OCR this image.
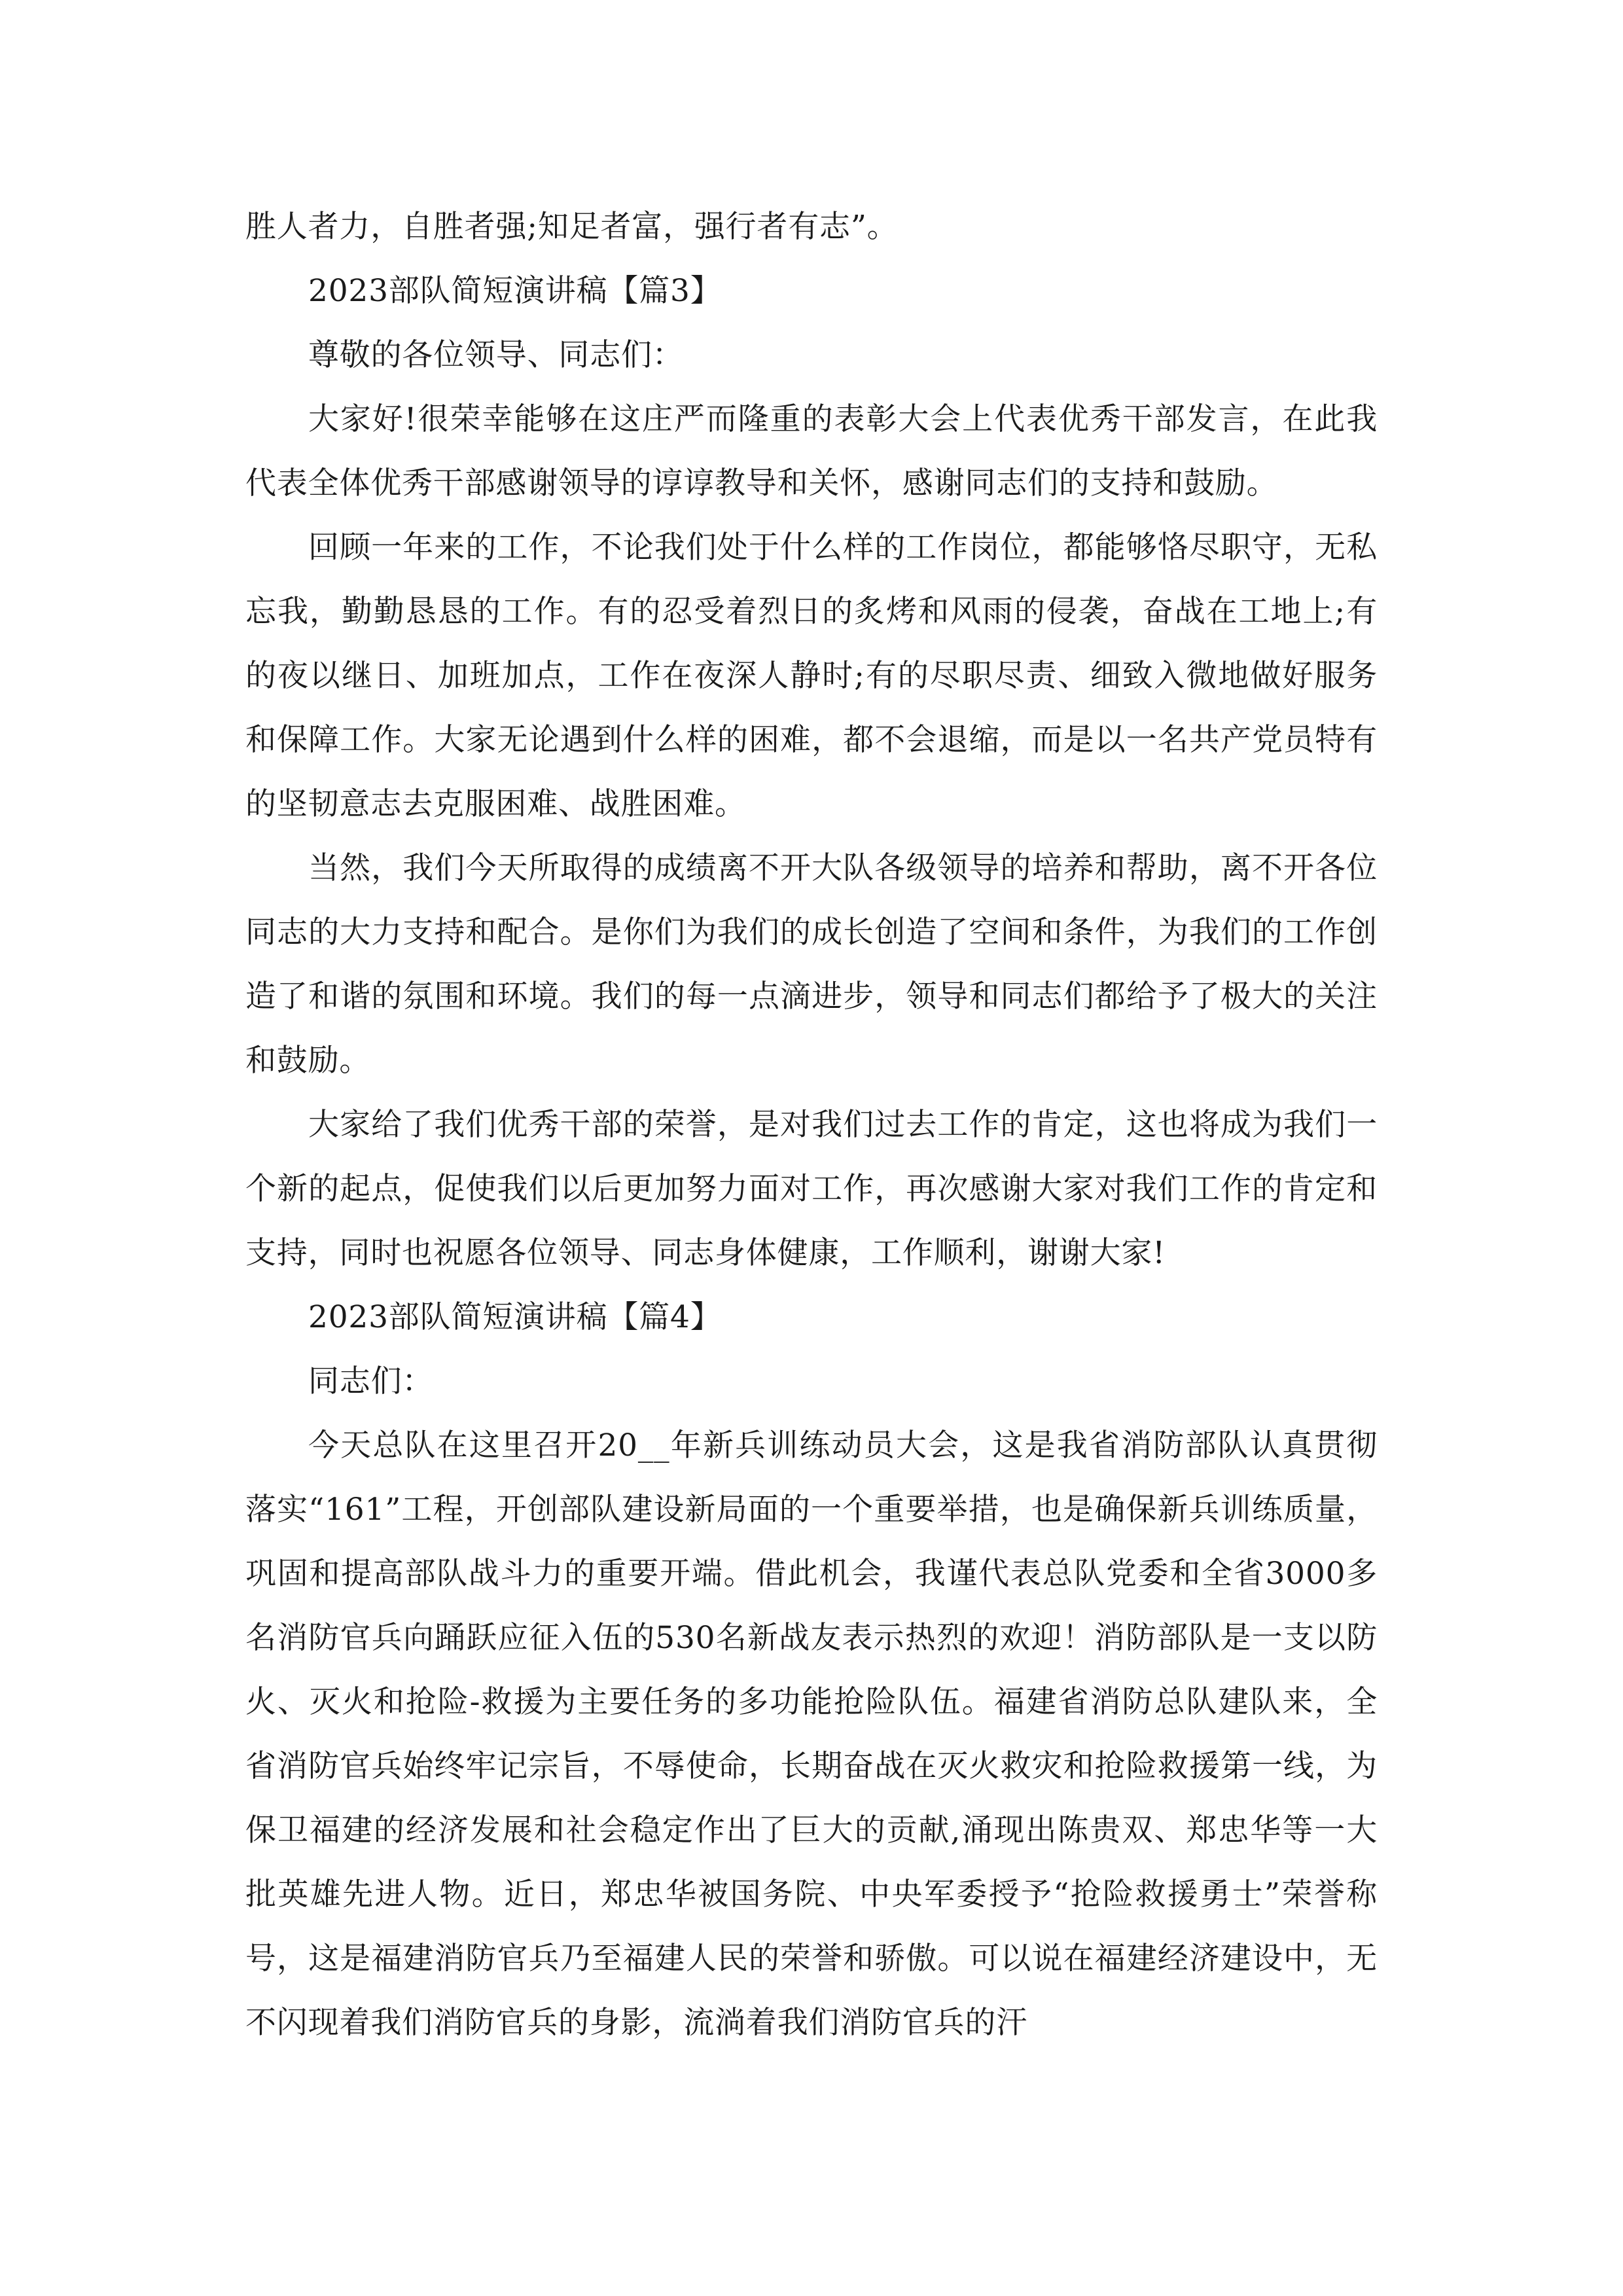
胜人者力，自胜者强;知足者富，强行者有志”。

2023部队简短演讲稿【篇3】

尊敬的各位领导、同志们：

大家好!很荣幸能够在这庄严而隆重的表彰大会上代表优秀干部发言，在此我代表全体优秀干部感谢领导的谆谆教导和关怀，感谢同志们的支持和鼓励。

回顾一年来的工作，不论我们处于什么样的工作岗位，都能够恪尽职守，无私忘我，勤勤恳恳的工作。有的忍受着烈日的炙烤和风雨的侵袭，奋战在工地上;有的夜以继日、加班加点，工作在夜深人静时;有的尽职尽责、细致入微地做好服务和保障工作。大家无论遇到什么样的困难，都不会退缩，而是以一名共产党员特有的坚韧意志去克服困难、战胜困难。

当然，我们今天所取得的成绩离不开大队各级领导的培养和帮助，离不开各位同志的大力支持和配合。是你们为我们的成长创造了空间和条件，为我们的工作创造了和谐的氛围和环境。我们的每一点滴进步，领导和同志们都给予了极大的关注和鼓励。

大家给了我们优秀干部的荣誉，是对我们过去工作的肯定，这也将成为我们一个新的起点，促使我们以后更加努力面对工作，再次感谢大家对我们工作的肯定和支持，同时也祝愿各位领导、同志身体健康，工作顺利，谢谢大家!

2023部队简短演讲稿【篇4】

同志们：

今天总队在这里召开20__年新兵训练动员大会，这是我省消防部队认真贯彻落实“161”工程，开创部队建设新局面的一个重要举措，也是确保新兵训练质量，巩固和提高部队战斗力的重要开端。借此机会，我谨代表总队党委和全省3000多名消防官兵向踊跃应征入伍的530名新战友表示热烈的欢迎！消防部队是一支以防火、灭火和抢险-救援为主要任务的多功能抢险队伍。福建省消防总队建队来，全省消防官兵始终牢记宗旨，不辱使命，长期奋战在灭火救灾和抢险救援第一线，为保卫福建的经济发展和社会稳定作出了巨大的贡献,涌现出陈贵双、郑忠华等一大批英雄先进人物。近日，郑忠华被国务院、中央军委授予“抢险救援勇士”荣誉称号，这是福建消防官兵乃至福建人民的荣誉和骄傲。可以说在福建经济建设中，无不闪现着我们消防官兵的身影，流淌着我们消防官兵的汗
